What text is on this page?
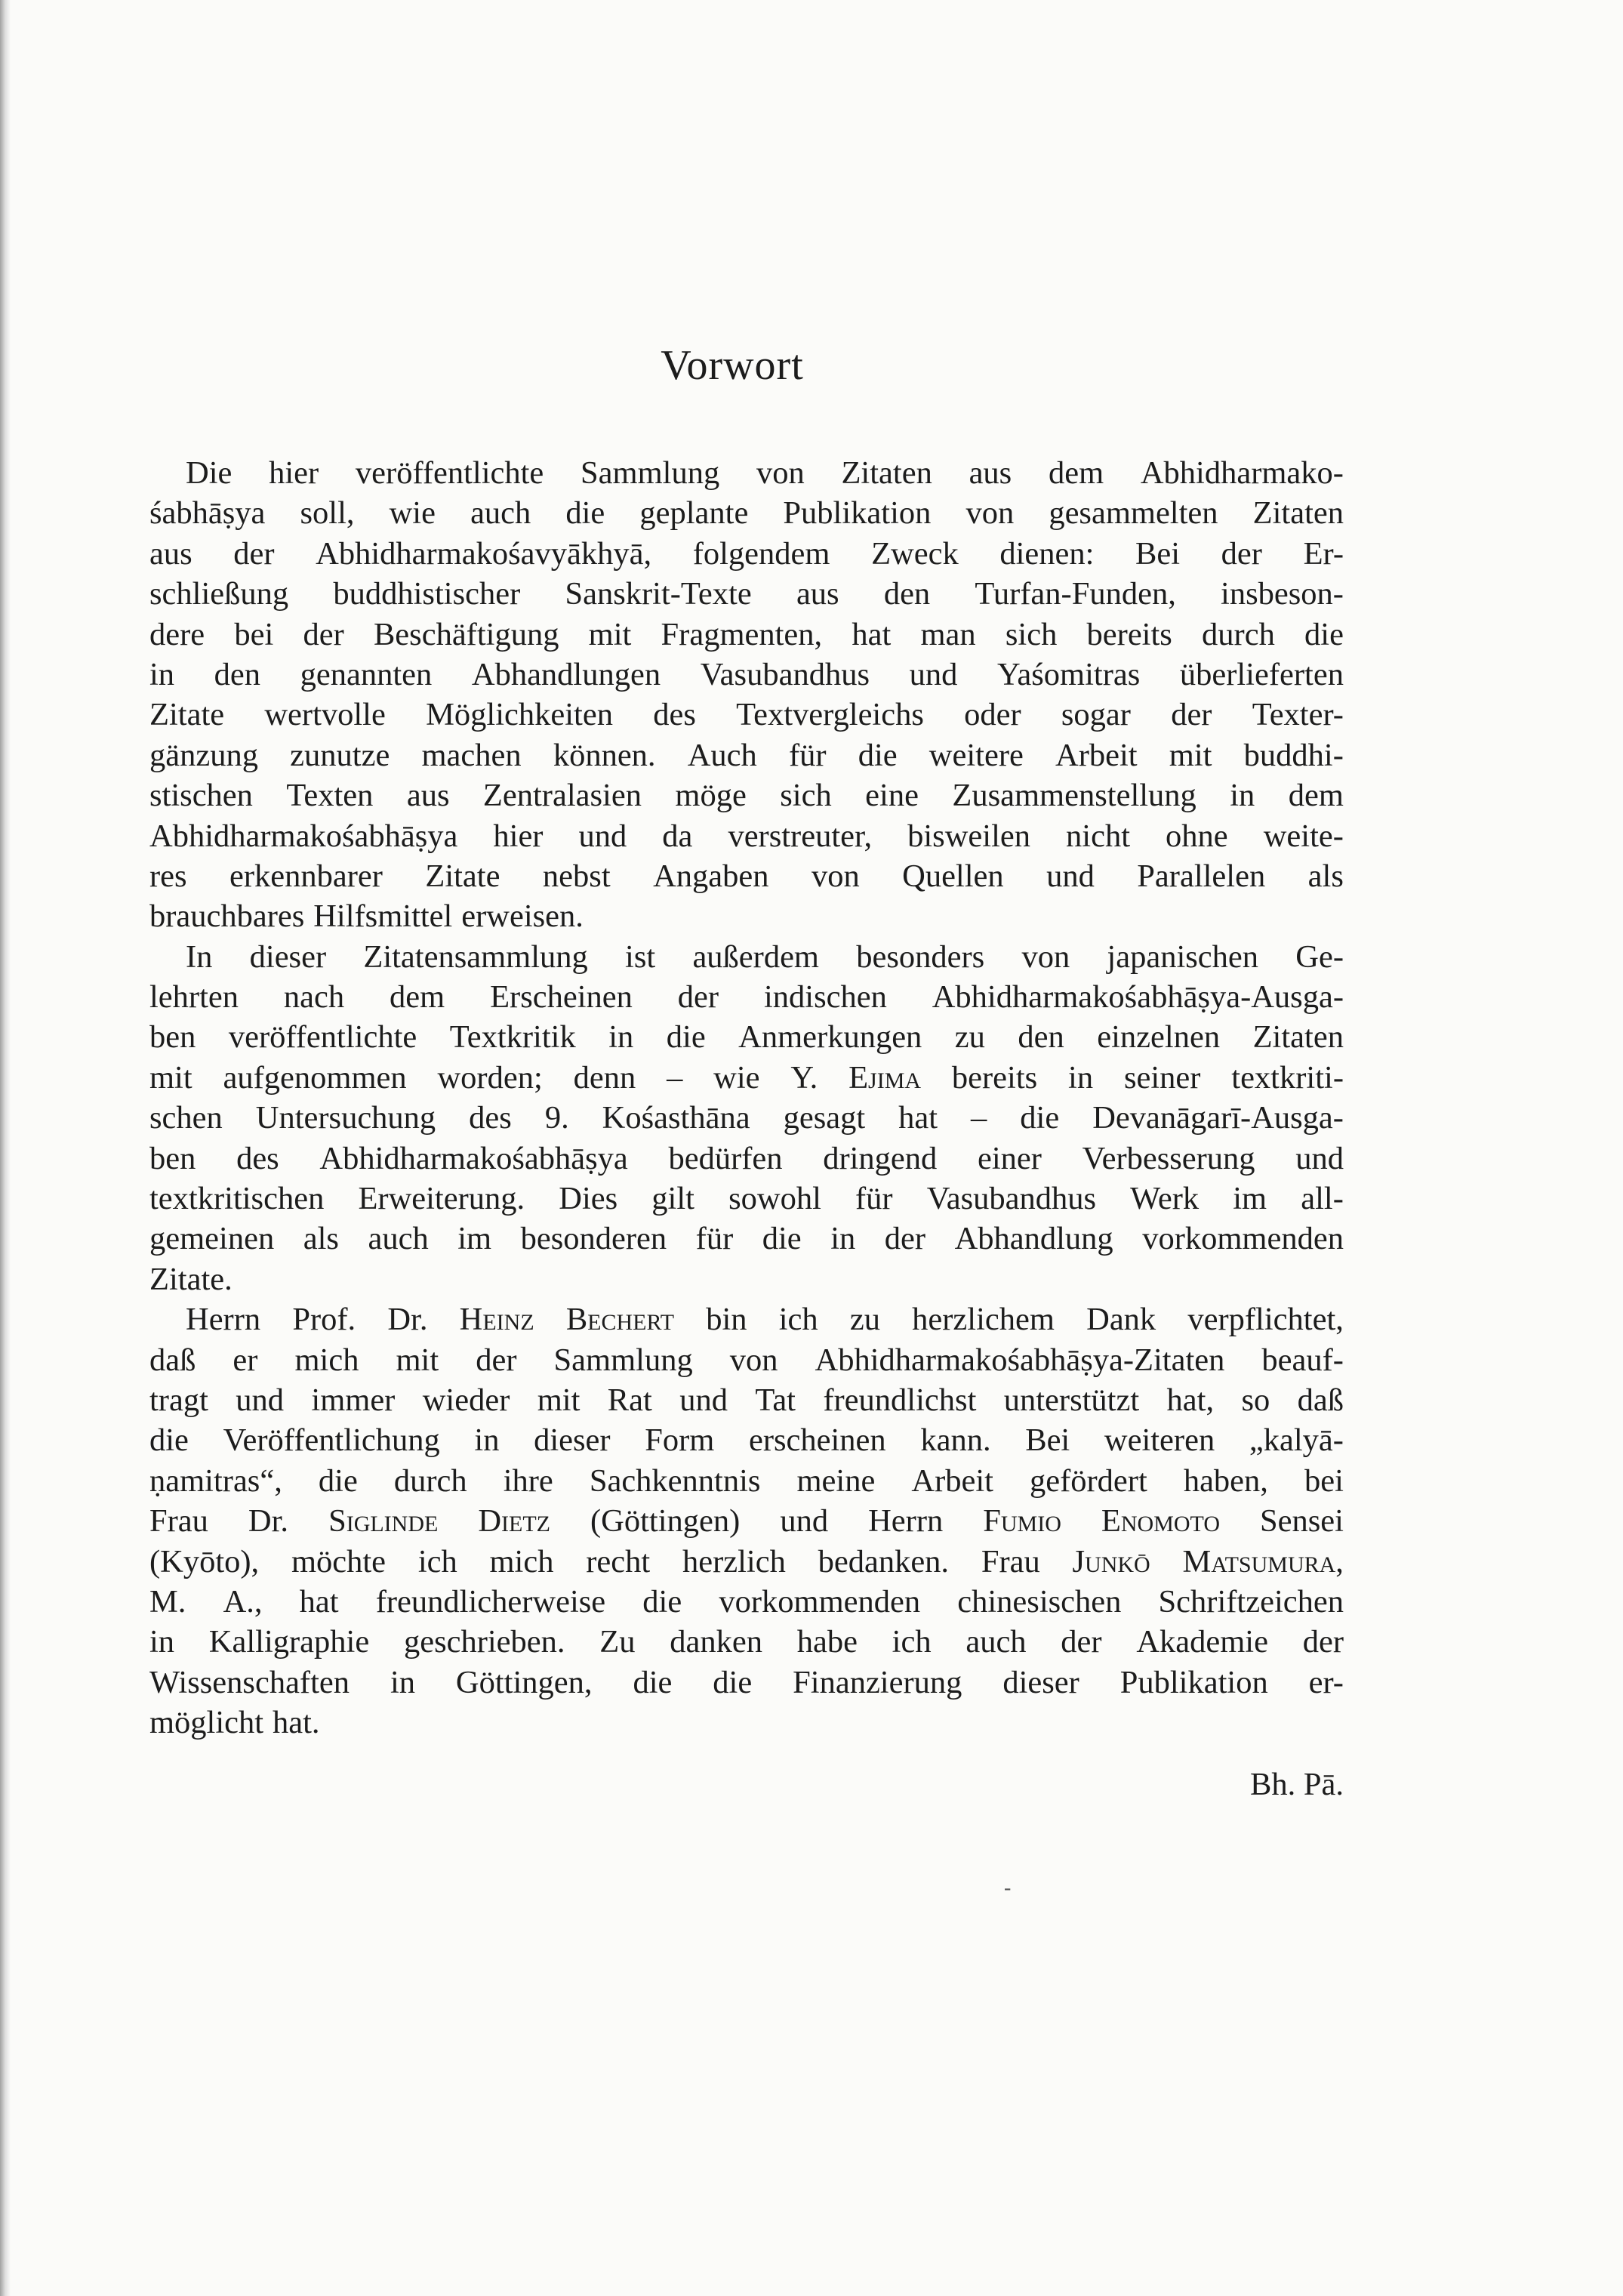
Vorwort
Die hier veröffentlichte Sammlung von Zitaten aus dem Abhidharmako-
śabhāṣya soll, wie auch die geplante Publikation von gesammelten Zitaten
aus der Abhidharmakośavyākhyā, folgendem Zweck dienen: Bei der Er-
schließung buddhistischer Sanskrit-Texte aus den Turfan-Funden, insbeson-
dere bei der Beschäftigung mit Fragmenten, hat man sich bereits durch die
in den genannten Abhandlungen Vasubandhus und Yaśomitras überlieferten
Zitate wertvolle Möglichkeiten des Textvergleichs oder sogar der Texter-
gänzung zunutze machen können. Auch für die weitere Arbeit mit buddhi-
stischen Texten aus Zentralasien möge sich eine Zusammenstellung in dem
Abhidharmakośabhāṣya hier und da verstreuter, bisweilen nicht ohne weite-
res erkennbarer Zitate nebst Angaben von Quellen und Parallelen als
brauchbares Hilfsmittel erweisen.
In dieser Zitatensammlung ist außerdem besonders von japanischen Ge-
lehrten nach dem Erscheinen der indischen Abhidharmakośabhāṣya-Ausga-
ben veröffentlichte Textkritik in die Anmerkungen zu den einzelnen Zitaten
mit aufgenommen worden; denn – wie Y. Ejima bereits in seiner textkriti-
schen Untersuchung des 9. Kośasthāna gesagt hat – die Devanāgarī-Ausga-
ben des Abhidharmakośabhāṣya bedürfen dringend einer Verbesserung und
textkritischen Erweiterung. Dies gilt sowohl für Vasubandhus Werk im all-
gemeinen als auch im besonderen für die in der Abhandlung vorkommenden
Zitate.
Herrn Prof. Dr. Heinz Bechert bin ich zu herzlichem Dank verpflichtet,
daß er mich mit der Sammlung von Abhidharmakośabhāṣya-Zitaten beauf-
tragt und immer wieder mit Rat und Tat freundlichst unterstützt hat, so daß
die Veröffentlichung in dieser Form erscheinen kann. Bei weiteren „kalyā-
ṇamitras“, die durch ihre Sachkenntnis meine Arbeit gefördert haben, bei
Frau Dr. Siglinde Dietz (Göttingen) und Herrn Fumio Enomoto Sensei
(Kyōto), möchte ich mich recht herzlich bedanken. Frau Junkō Matsumura,
M. A., hat freundlicherweise die vorkommenden chinesischen Schriftzeichen
in Kalligraphie geschrieben. Zu danken habe ich auch der Akademie der
Wissenschaften in Göttingen, die die Finanzierung dieser Publikation er-
möglicht hat.

Bh. Pā.

-
